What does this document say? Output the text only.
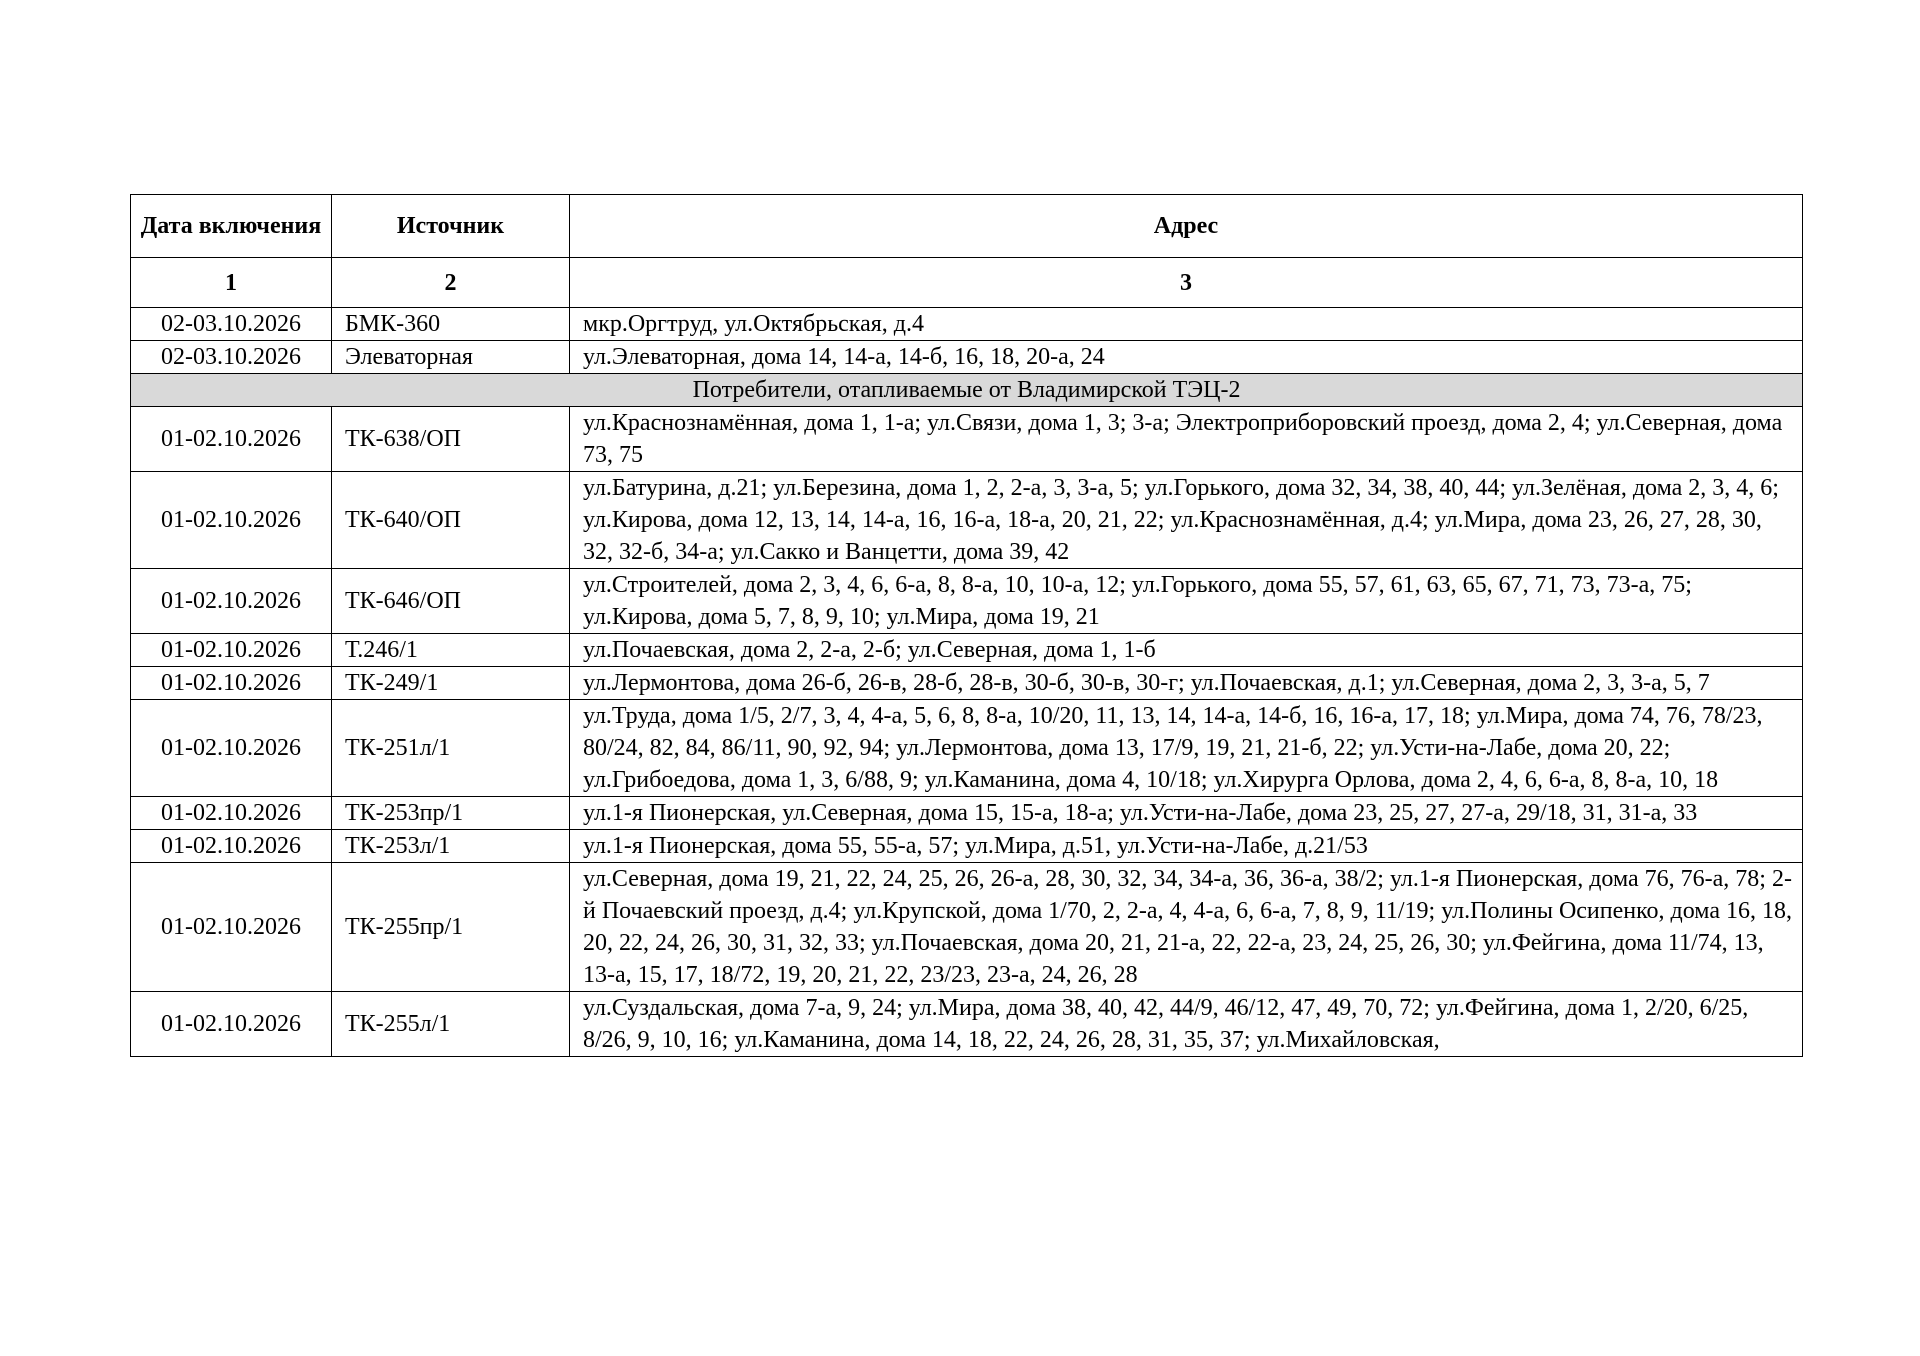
Дата включения	Источник	Адрес
1	2	3
02-03.10.2026	БМК-360	мкр.Оргтруд, ул.Октябрьская, д.4
02-03.10.2026	Элеваторная	ул.Элеваторная, дома 14, 14-а, 14-б, 16, 18, 20-а, 24
Потребители, отапливаемые от Владимирской ТЭЦ-2		
01-02.10.2026	ТК-638/ОП	ул.Краснознамённая, дома 1, 1-а; ул.Связи, дома 1, 3; 3-а; Электроприборовский проезд, дома 2, 4; ул.Северная, дома 73, 75
01-02.10.2026	ТК-640/ОП	ул.Батурина, д.21; ул.Березина, дома 1, 2, 2-а, 3, 3-а, 5; ул.Горького, дома 32, 34, 38, 40, 44; ул.Зелёная, дома 2, 3, 4, 6; ул.Кирова, дома 12, 13, 14, 14-а, 16, 16-а, 18-а, 20, 21, 22; ул.Краснознамённая, д.4; ул.Мира, дома 23, 26, 27, 28, 30, 32, 32-б, 34-а; ул.Сакко и Ванцетти, дома 39, 42
01-02.10.2026	ТК-646/ОП	ул.Строителей, дома 2, 3, 4, 6, 6-а, 8, 8-а, 10, 10-а, 12; ул.Горького, дома 55, 57, 61, 63, 65, 67, 71, 73, 73-а, 75; ул.Кирова, дома 5, 7, 8, 9, 10; ул.Мира, дома 19, 21
01-02.10.2026	Т.246/1	ул.Почаевская, дома 2, 2-а, 2-б; ул.Северная, дома 1, 1-б
01-02.10.2026	ТК-249/1	ул.Лермонтова, дома 26-б, 26-в, 28-б, 28-в, 30-б, 30-в, 30-г; ул.Почаевская, д.1; ул.Северная, дома 2, 3, 3-а, 5, 7
01-02.10.2026	ТК-251л/1	ул.Труда, дома 1/5, 2/7, 3, 4, 4-а, 5, 6, 8, 8-а, 10/20, 11, 13, 14, 14-а, 14-б, 16, 16-а, 17, 18; ул.Мира, дома 74, 76, 78/23, 80/24, 82, 84, 86/11, 90, 92, 94; ул.Лермонтова, дома 13, 17/9, 19, 21, 21-б, 22; ул.Усти-на-Лабе, дома 20, 22; ул.Грибоедова, дома 1, 3, 6/88, 9; ул.Каманина, дома 4, 10/18; ул.Хирурга Орлова, дома 2, 4, 6, 6-а, 8, 8-а, 10, 18
01-02.10.2026	ТК-253пр/1	ул.1-я Пионерская, ул.Северная, дома 15, 15-а, 18-а; ул.Усти-на-Лабе, дома 23, 25, 27, 27-а, 29/18, 31, 31-а, 33
01-02.10.2026	ТК-253л/1	ул.1-я Пионерская, дома 55, 55-а, 57; ул.Мира, д.51, ул.Усти-на-Лабе, д.21/53
01-02.10.2026	ТК-255пр/1	ул.Северная, дома 19, 21, 22, 24, 25, 26, 26-а, 28, 30, 32, 34, 34-а, 36, 36-а, 38/2; ул.1-я Пионерская, дома 76, 76-а, 78; 2-й Почаевский проезд, д.4; ул.Крупской, дома 1/70, 2, 2-а, 4, 4-а, 6, 6-а, 7, 8, 9, 11/19; ул.Полины Осипенко, дома 16, 18, 20, 22, 24, 26, 30, 31, 32, 33; ул.Почаевская, дома 20, 21, 21-а, 22, 22-а, 23, 24, 25, 26, 30; ул.Фейгина, дома 11/74, 13, 13-а, 15, 17, 18/72, 19, 20, 21, 22, 23/23, 23-а, 24, 26, 28
01-02.10.2026	ТК-255л/1	ул.Суздальская, дома 7-а, 9, 24; ул.Мира, дома 38, 40, 42, 44/9, 46/12, 47, 49, 70, 72; ул.Фейгина, дома 1, 2/20, 6/25, 8/26, 9, 10, 16; ул.Каманина, дома 14, 18, 22, 24, 26, 28, 31, 35, 37; ул.Михайловская,
